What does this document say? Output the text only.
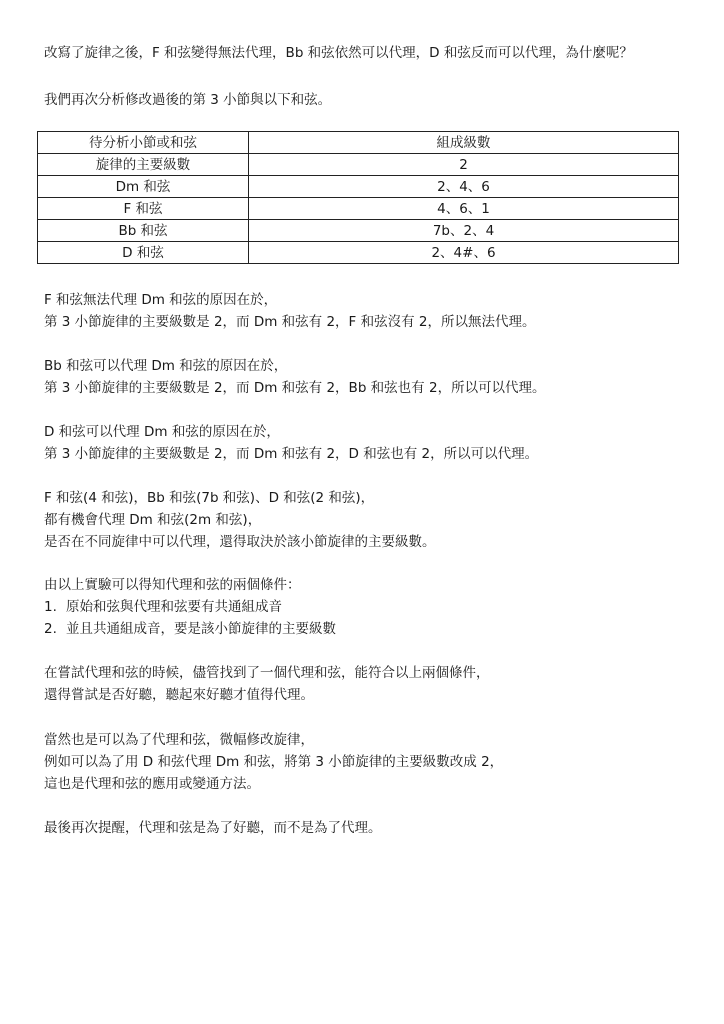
改寫了旋律之後，F 和弦變得無法代理，Bb 和弦依然可以代理，D 和弦反而可以代理，為什麼呢？
我們再次分析修改過後的第 3 小節與以下和弦。
待分析小節或和弦	組成級數
旋律的主要級數	2
Dm 和弦	2、4、6
F 和弦	4、6、1
Bb 和弦	7b、2、4
D 和弦	2、4#、6
F 和弦無法代理 Dm 和弦的原因在於，
第 3 小節旋律的主要級數是 2，而 Dm 和弦有 2，F 和弦沒有 2，所以無法代理。
Bb 和弦可以代理 Dm 和弦的原因在於，
第 3 小節旋律的主要級數是 2，而 Dm 和弦有 2，Bb 和弦也有 2，所以可以代理。
D 和弦可以代理 Dm 和弦的原因在於，
第 3 小節旋律的主要級數是 2，而 Dm 和弦有 2，D 和弦也有 2，所以可以代理。
F 和弦(4 和弦)，Bb 和弦(7b 和弦)、D 和弦(2 和弦)，
都有機會代理 Dm 和弦(2m 和弦)，
是否在不同旋律中可以代理，還得取決於該小節旋律的主要級數。
由以上實驗可以得知代理和弦的兩個條件：
1. 原始和弦與代理和弦要有共通組成音
2. 並且共通組成音，要是該小節旋律的主要級數
在嘗試代理和弦的時候，儘管找到了一個代理和弦，能符合以上兩個條件，
還得嘗試是否好聽，聽起來好聽才值得代理。
當然也是可以為了代理和弦，微幅修改旋律，
例如可以為了用 D 和弦代理 Dm 和弦，將第 3 小節旋律的主要級數改成 2，
這也是代理和弦的應用或變通方法。
最後再次提醒，代理和弦是為了好聽，而不是為了代理。
